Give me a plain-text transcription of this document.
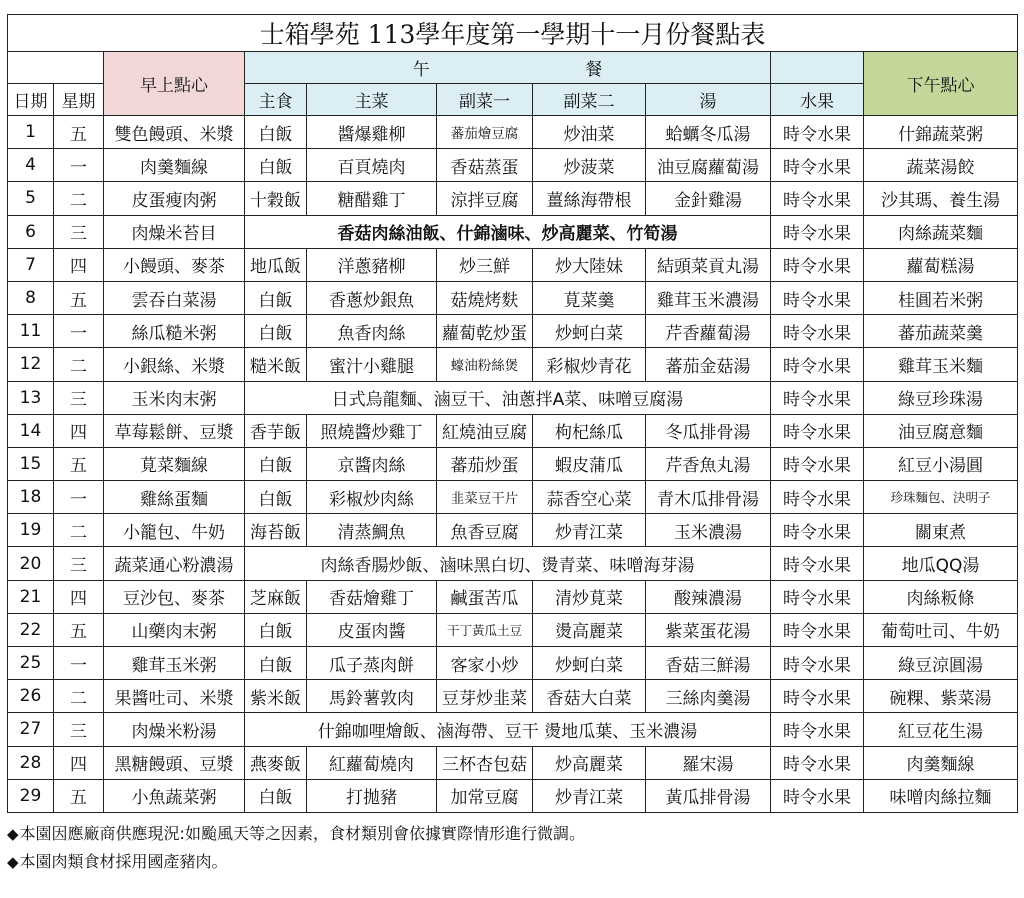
士箱學苑 113學年度第一學期十一月份餐點表									
		早上點心	午 餐						下午點心
日期	星期		主食	主菜	副菜一	副菜二	湯	水果	
1	五	雙色饅頭、米漿	白飯	醬爆雞柳	蕃茄燴豆腐	炒油菜	蛤蠣冬瓜湯	時令水果	什錦蔬菜粥
4	一	肉羹麵線	白飯	百頁燒肉	香菇蒸蛋	炒菠菜	油豆腐蘿蔔湯	時令水果	蔬菜湯餃
5	二	皮蛋瘦肉粥	十穀飯	糖醋雞丁	涼拌豆腐	薑絲海帶根	金針雞湯	時令水果	沙其瑪、養生湯
6	三	肉燥米苔目	香菇肉絲油飯、什錦滷味、炒高麗菜、竹筍湯					時令水果	肉絲蔬菜麵
7	四	小饅頭、麥茶	地瓜飯	洋蔥豬柳	炒三鮮	炒大陸妹	結頭菜貢丸湯	時令水果	蘿蔔糕湯
8	五	雲吞白菜湯	白飯	香蔥炒銀魚	菇燒烤麩	莧菜羹	雞茸玉米濃湯	時令水果	桂圓若米粥
11	一	絲瓜糙米粥	白飯	魚香肉絲	蘿蔔乾炒蛋	炒蚵白菜	芹香蘿蔔湯	時令水果	蕃茄蔬菜羹
12	二	小銀絲、米漿	糙米飯	蜜汁小雞腿	蠔油粉絲煲	彩椒炒青花	蕃茄金菇湯	時令水果	雞茸玉米麵
13	三	玉米肉末粥	日式烏龍麵、滷豆干、油蔥拌A菜、味噌豆腐湯					時令水果	綠豆珍珠湯
14	四	草莓鬆餅、豆漿	香芋飯	照燒醬炒雞丁	紅燒油豆腐	枸杞絲瓜	冬瓜排骨湯	時令水果	油豆腐意麵
15	五	莧菜麵線	白飯	京醬肉絲	蕃茄炒蛋	蝦皮蒲瓜	芹香魚丸湯	時令水果	紅豆小湯圓
18	一	雞絲蛋麵	白飯	彩椒炒肉絲	韭菜豆干片	蒜香空心菜	青木瓜排骨湯	時令水果	珍珠麵包、決明子
19	二	小籠包、牛奶	海苔飯	清蒸鯛魚	魚香豆腐	炒青江菜	玉米濃湯	時令水果	關東煮
20	三	蔬菜通心粉濃湯	肉絲香腸炒飯、滷味黑白切、燙青菜、味噌海芽湯					時令水果	地瓜QQ湯
21	四	豆沙包、麥茶	芝麻飯	香菇燴雞丁	鹹蛋苦瓜	清炒莧菜	酸辣濃湯	時令水果	肉絲粄條
22	五	山藥肉末粥	白飯	皮蛋肉醬	干丁黃瓜土豆	燙高麗菜	紫菜蛋花湯	時令水果	葡萄吐司、牛奶
25	一	雞茸玉米粥	白飯	瓜子蒸肉餅	客家小炒	炒蚵白菜	香菇三鮮湯	時令水果	綠豆涼圓湯
26	二	果醬吐司、米漿	紫米飯	馬鈴薯敦肉	豆芽炒韭菜	香菇大白菜	三絲肉羹湯	時令水果	碗粿、紫菜湯
27	三	肉燥米粉湯	什錦咖哩燴飯、滷海帶、豆干 燙地瓜葉、玉米濃湯					時令水果	紅豆花生湯
28	四	黑糖饅頭、豆漿	燕麥飯	紅蘿蔔燒肉	三杯杏包菇	炒高麗菜	羅宋湯	時令水果	肉羹麵線
29	五	小魚蔬菜粥	白飯	打拋豬	加常豆腐	炒青江菜	黃瓜排骨湯	時令水果	味噌肉絲拉麵
◆ 本園因應廠商供應現況:如颱風天等之因素，食材類別會依據實際情形進行微調。
◆ 本園肉類食材採用國產豬肉。
